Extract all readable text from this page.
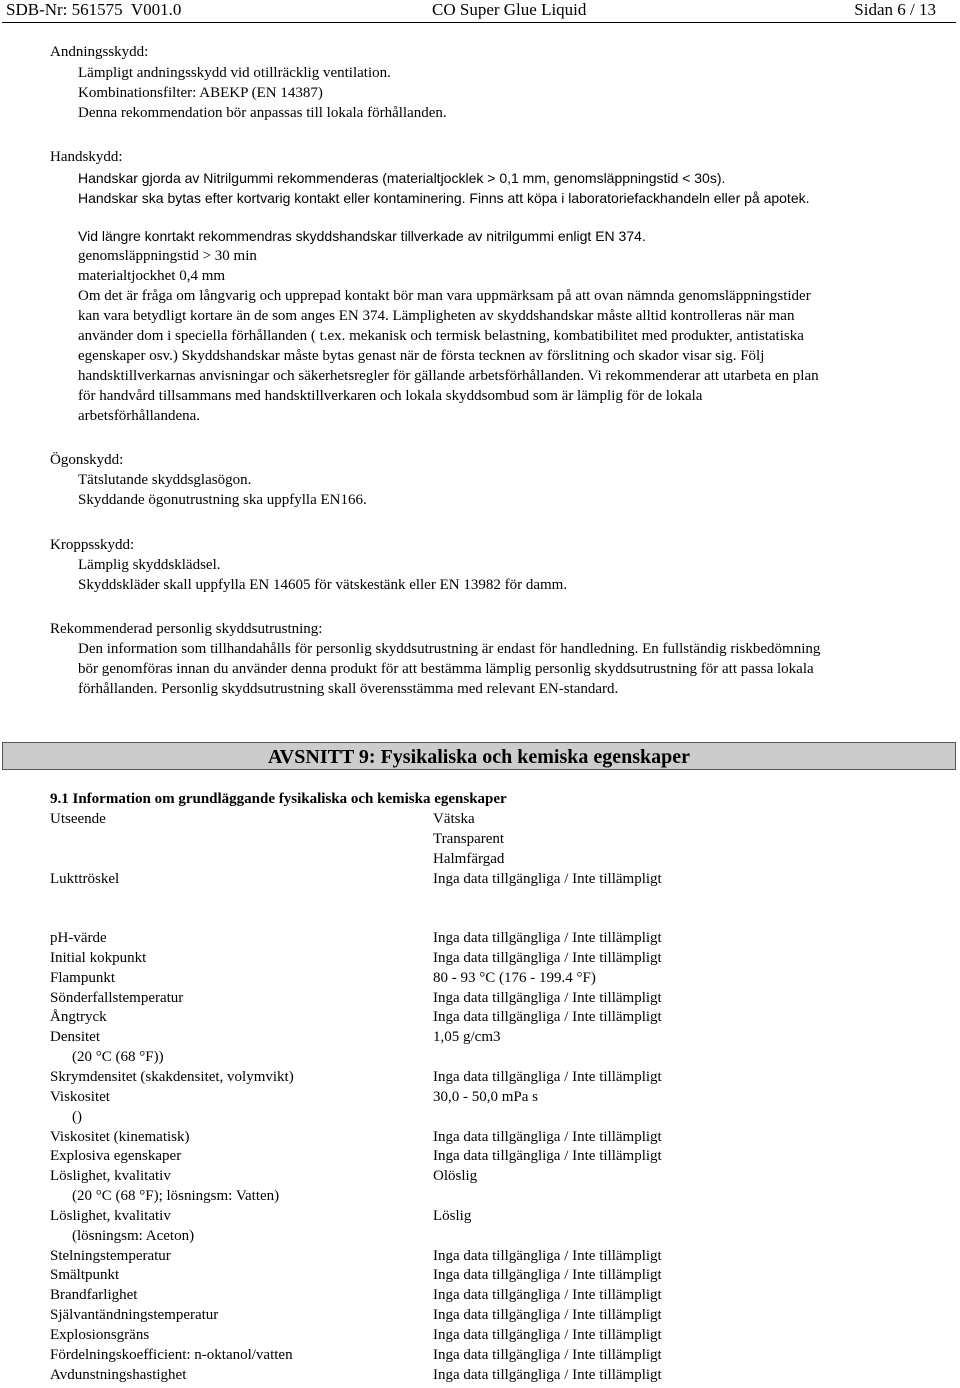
SDB-Nr: 561575 V001.0	CO Super Glue Liquid	Sidan 6 / 13
Andningsskydd:
Lämpligt andningsskydd vid otillräcklig ventilation.
Kombinationsfilter: ABEKP (EN 14387)
Denna rekommendation bör anpassas till lokala förhållanden.
Handskydd:
Handskar gjorda av Nitrilgummi rekommenderas (materialtjocklek > 0,1 mm, genomsläppningstid < 30s).
Handskar ska bytas efter kortvarig kontakt eller kontaminering. Finns att köpa i laboratoriefackhandeln eller på apotek.
Vid längre konrtakt rekommendras skyddshandskar tillverkade av nitrilgummi enligt EN 374.
genomsläppningstid > 30 min
materialtjockhet 0,4 mm
Om det är fråga om långvarig och upprepad kontakt bör man vara uppmärksam på att ovan nämnda genomsläppningstider
kan vara betydligt kortare än de som anges EN 374. Lämpligheten av skyddshandskar måste alltid kontrolleras när man
använder dom i speciella förhållanden ( t.ex. mekanisk och termisk belastning, kombatibilitet med produkter, antistatiska
egenskaper osv.) Skyddshandskar måste bytas genast när de första tecknen av förslitning och skador visar sig. Följ
handsktillverkarnas anvisningar och säkerhetsregler för gällande arbetsförhållanden. Vi rekommenderar att utarbeta en plan
för handvård tillsammans med handsktillverkaren och lokala skyddsombud som är lämplig för de lokala
arbetsförhållandena.
Ögonskydd:
Tätslutande skyddsglasögon.
Skyddande ögonutrustning ska uppfylla EN166.
Kroppsskydd:
Lämplig skyddsklädsel.
Skyddskläder skall uppfylla EN 14605 för vätskestänk eller EN 13982 för damm.
Rekommenderad personlig skyddsutrustning:
Den information som tillhandahålls för personlig skyddsutrustning är endast för handledning. En fullständig riskbedömning
bör genomföras innan du använder denna produkt för att bestämma lämplig personlig skyddsutrustning för att passa lokala
förhållanden. Personlig skyddsutrustning skall överensstämma med relevant EN-standard.
AVSNITT 9: Fysikaliska och kemiska egenskaper
9.1 Information om grundläggande fysikaliska och kemiska egenskaper
Utseende	Vätska
Transparent
Halmfärgad
Lukttröskel	Inga data tillgängliga / Inte tillämpligt
pH-värde	Inga data tillgängliga / Inte tillämpligt
Initial kokpunkt	Inga data tillgängliga / Inte tillämpligt
Flampunkt	80 - 93 °C (176 - 199.4 °F)
Sönderfallstemperatur	Inga data tillgängliga / Inte tillämpligt
Ångtryck	Inga data tillgängliga / Inte tillämpligt
Densitet	1,05 g/cm3
(20 °C (68 °F))
Skrymdensitet (skakdensitet, volymvikt)	Inga data tillgängliga / Inte tillämpligt
Viskositet	30,0 - 50,0 mPa s
()
Viskositet (kinematisk)	Inga data tillgängliga / Inte tillämpligt
Explosiva egenskaper	Inga data tillgängliga / Inte tillämpligt
Löslighet, kvalitativ	Olöslig
(20 °C (68 °F); lösningsm: Vatten)
Löslighet, kvalitativ	Löslig
(lösningsm: Aceton)
Stelningstemperatur	Inga data tillgängliga / Inte tillämpligt
Smältpunkt	Inga data tillgängliga / Inte tillämpligt
Brandfarlighet	Inga data tillgängliga / Inte tillämpligt
Självantändningstemperatur	Inga data tillgängliga / Inte tillämpligt
Explosionsgräns	Inga data tillgängliga / Inte tillämpligt
Fördelningskoefficient: n-oktanol/vatten	Inga data tillgängliga / Inte tillämpligt
Avdunstningshastighet	Inga data tillgängliga / Inte tillämpligt
